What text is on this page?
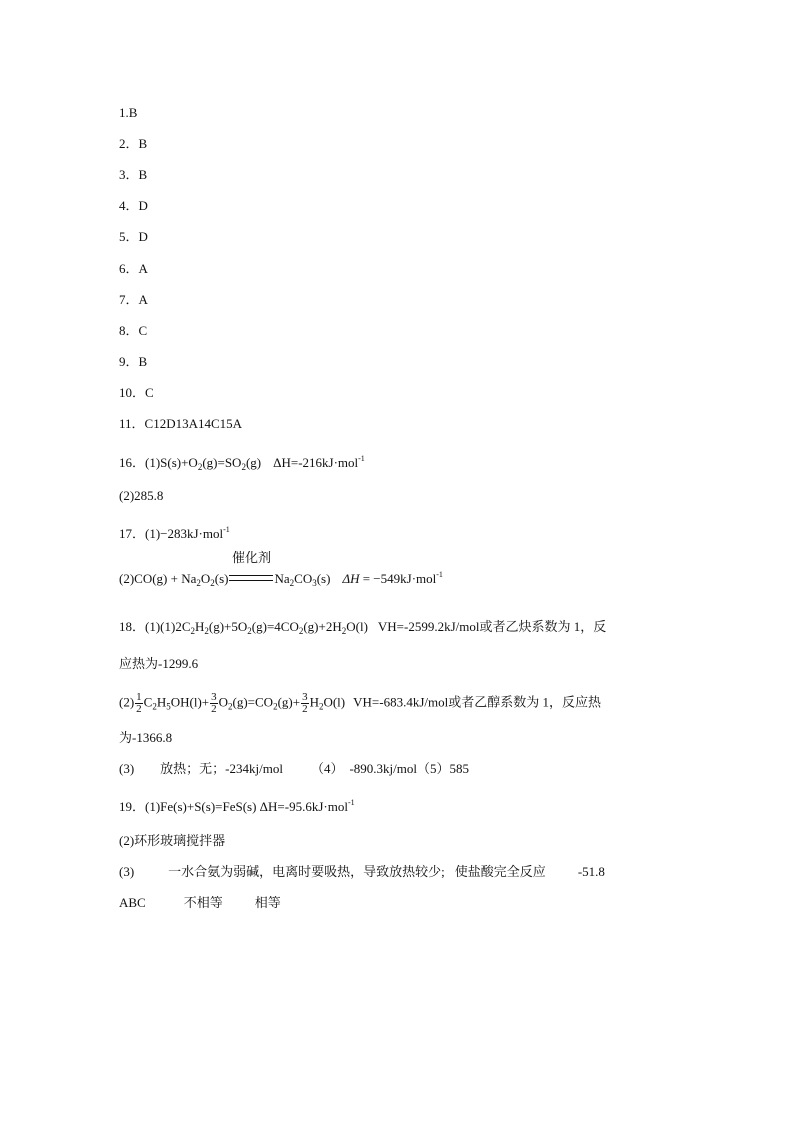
1.B
2．B
3．B
4．D
5．D
6．A
7．A
8．C
9．B
10．C
11．C12D13A14C15A
16．$(1)S(s)+O_2(g)=SO_2(g)$ ΔH=-216kJ·mol$^{-1}$
(2)285.8
17．(1)−283kJ·mol$^{-1}$
$(2)CO(g) + Na_2O_2(s)$
催化剂
$Na_2CO_3(s) \Delta H = -549kJ\cdot mol^{-1}$
18．$(1)(1)2C_2H_2(g)+5O_2(g)=4CO_2(g)+2H_2O(l)$ VH=-2599.2kJ/mol或者乙炔系数为 1，反
应热为-1299.6
$(2) \frac{1}{2} C_2H_5OH(l)+ \frac{3}{2} O_2(g)=CO_2(g)+ \frac{3}{2} H_2O(l)$ VH=-683.4kJ/mol或者乙醇系数为 1，反应热
为-1366.8
(3) 放热；无；-234kj/mol （4） -890.3kj/mol（5）585
19．(1)Fe(s)+S(s)=FeS(s) ΔH=-95.6kJ·mol$^{-1}$
(2)环形玻璃搅拌器
(3)	一水合氨为弱碱，电离时要吸热，导致放热较少; 使盐酸完全反应 -51.8
ABC	不相等 相等
